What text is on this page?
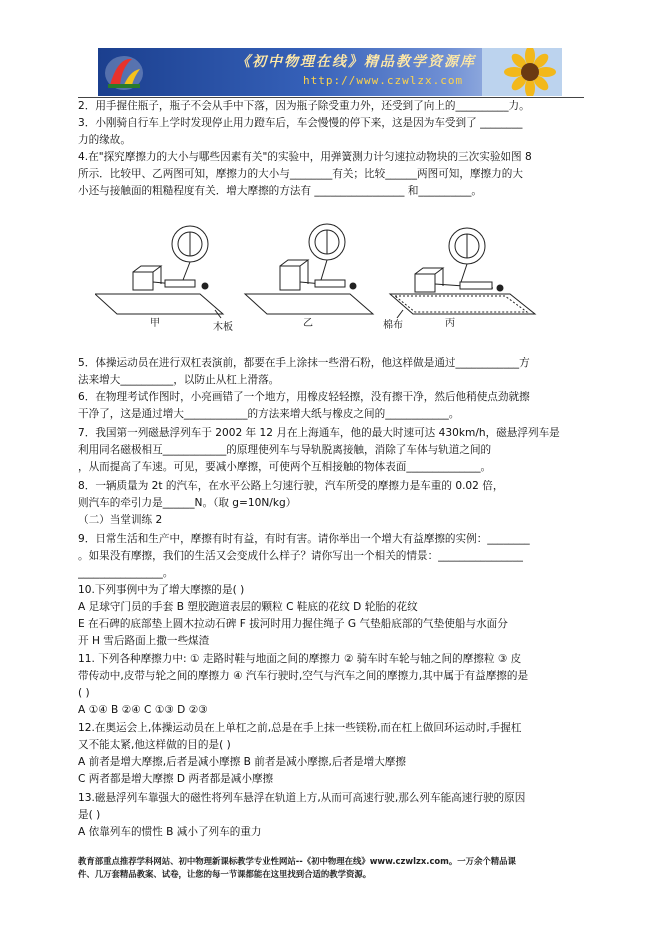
《初中物理在线》精品教学资源库
http://www.czwlzx.com
2．用手握住瓶子，瓶子不会从手中下落，因为瓶子除受重力外，还受到了向上的__________力。
3．小刚骑自行车上学时发现停止用力蹬车后，车会慢慢的停下来，这是因为车受到了 ________
力的缘故。
4.在"探究摩擦力的大小与哪些因素有关"的实验中，用弹簧测力计匀速拉动物块的三次实验如图 8
所示．比较甲、乙两图可知，摩擦力的大小与________有关；比较______两图可知，摩擦力的大
小还与接触面的粗糙程度有关．增大摩擦的方法有 _________________ 和__________。
甲	木板	乙	棉布	丙
5．体操运动员在进行双杠表演前，都要在手上涂抹一些滑石粉，他这样做是通过____________方
法来增大__________，以防止从杠上滑落。
6．在物理考试作图时，小亮画错了一个地方，用橡皮轻轻擦，没有擦干净，然后他稍使点劲就擦
干净了，这是通过增大____________的方法来增大纸与橡皮之间的____________。
7．我国第一列磁悬浮列车于 2002 年 12 月在上海通车，他的最大时速可达 430km/h，磁悬浮列车是
利用同名磁极相互____________的原理使列车与导轨脱离接触，消除了车体与轨道之间的
，从而提高了车速。可见，要减小摩擦，可使两个互相接触的物体表面______________。
8．一辆质量为 2t 的汽车，在水平公路上匀速行驶，汽车所受的摩擦力是车重的 0.02 倍，
则汽车的牵引力是______N。（取 g=10N/kg）
（二）当堂训练 2
9．日常生活和生产中，摩擦有时有益，有时有害。请你举出一个增大有益摩擦的实例：________
。如果没有摩擦，我们的生活又会变成什么样子？请你写出一个相关的情景：________________
________________。
10.下列事例中为了增大摩擦的是( )
A 足球守门员的手套 B 塑胶跑道表层的颗粒 C 鞋底的花纹 D 轮胎的花纹
E 在石碑的底部垫上圆木拉动石碑 F 拔河时用力握住绳子 G 气垫船底部的气垫使船与水面分
开 H 雪后路面上撒一些煤渣
11. 下列各种摩擦力中: ① 走路时鞋与地面之间的摩擦力 ② 骑车时车轮与轴之间的摩擦粒 ③ 皮
带传动中,皮带与轮之间的摩擦力 ④ 汽车行驶时,空气与汽车之间的摩擦力,其中属于有益摩擦的是
( )
A ①④ B ②④ C ①③ D ②③
12.在奥运会上,体操运动员在上单杠之前,总是在手上抹一些镁粉,而在杠上做回环运动时,手握杠
又不能太紧,他这样做的目的是( )
A 前者是增大摩擦,后者是减小摩擦 B 前者是减小摩擦,后者是增大摩擦
C 两者都是增大摩擦 D 两者都是减小摩擦
13.磁悬浮列车靠强大的磁性将列车悬浮在轨道上方,从而可高速行驶,那么列车能高速行驶的原因
是( )
A 依靠列车的惯性 B 减小了列车的重力
教育部重点推荐学科网站、初中物理新课标教学专业性网站--《初中物理在线》www.czwlzx.com。一万余个精品课
件、几万套精品教案、试卷，让您的每一节课都能在这里找到合适的教学资源。
